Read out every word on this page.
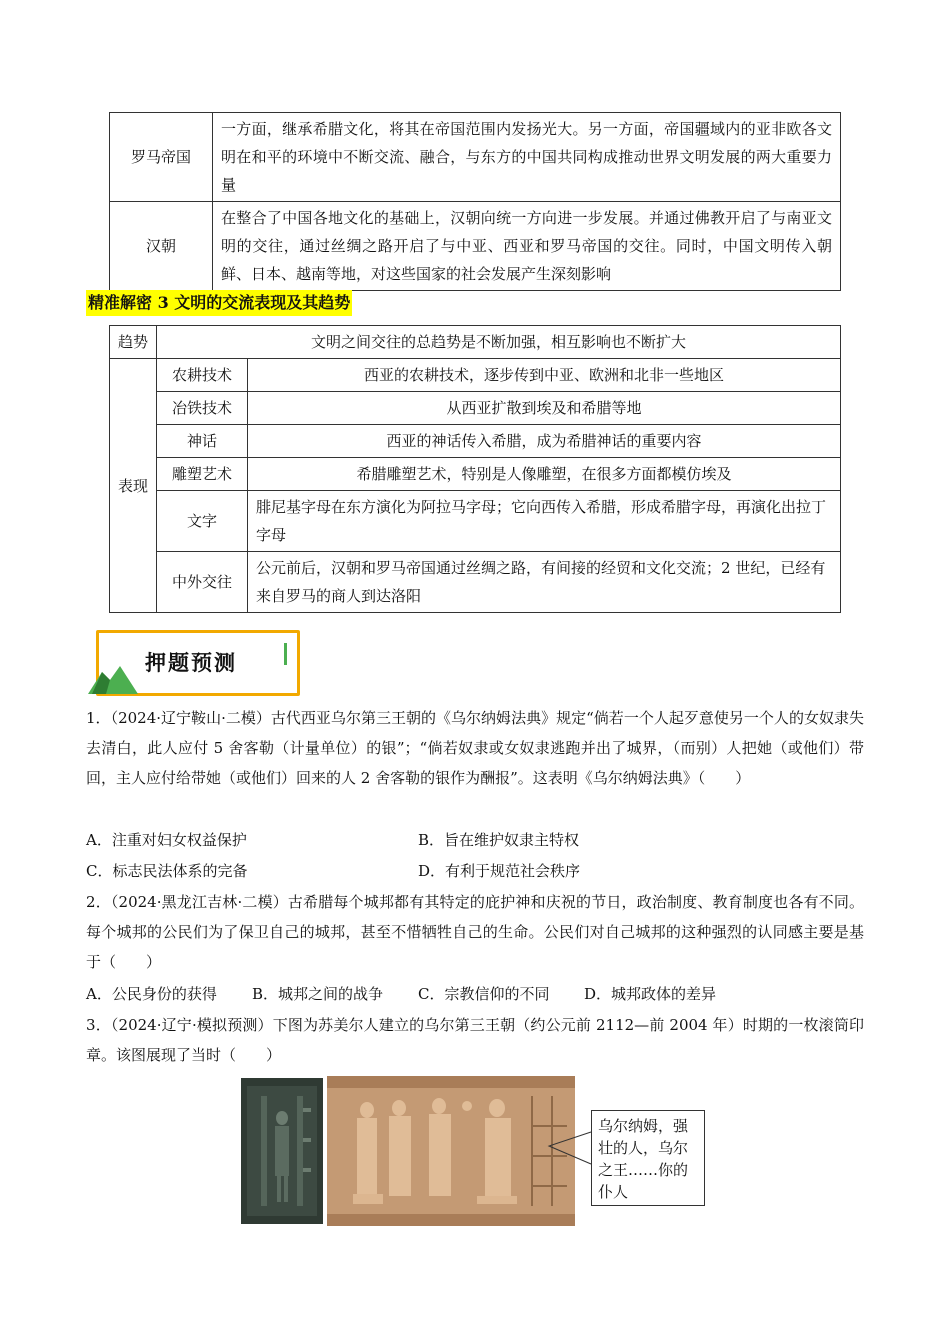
罗马帝国	一方面，继承希腊文化，将其在帝国范围内发扬光大。另一方面，帝国疆域内的亚非欧各文明在和平的环境中不断交流、融合，与东方的中国共同构成推动世界文明发展的两大重要力量
汉朝	在整合了中国各地文化的基础上，汉朝向统一方向进一步发展。并通过佛教开启了与南亚文明的交往，通过丝绸之路开启了与中亚、西亚和罗马帝国的交往。同时，中国文明传入朝鲜、日本、越南等地，对这些国家的社会发展产生深刻影响
精准解密 3 文明的交流表现及其趋势
趋势	文明之间交往的总趋势是不断加强，相互影响也不断扩大	
表现	农耕技术	西亚的农耕技术，逐步传到中亚、欧洲和北非一些地区
	冶铁技术	从西亚扩散到埃及和希腊等地
	神话	西亚的神话传入希腊，成为希腊神话的重要内容
	雕塑艺术	希腊雕塑艺术，特别是人像雕塑，在很多方面都模仿埃及
	文字	腓尼基字母在东方演化为阿拉马字母；它向西传入希腊，形成希腊字母，再演化出拉丁字母
	中外交往	公元前后，汉朝和罗马帝国通过丝绸之路，有间接的经贸和文化交流；2 世纪，已经有来自罗马的商人到达洛阳
押题预测
1．（2024·辽宁鞍山·二模）古代西亚乌尔第三王朝的《乌尔纳姆法典》规定“倘若一个人起歹意使另一个人的女奴隶失去清白，此人应付 5 舍客勒（计量单位）的银”；“倘若奴隶或女奴隶逃跑并出了城界，（而别）人把她（或他们）带回，主人应付给带她（或他们）回来的人 2 舍客勒的银作为酬报”。这表明《乌尔纳姆法典》（　　）
A．注重对妇女权益保护	B．旨在维护奴隶主特权
C．标志民法体系的完备	D．有利于规范社会秩序
2．（2024·黑龙江吉林·二模）古希腊每个城邦都有其特定的庇护神和庆祝的节日，政治制度、教育制度也各有不同。每个城邦的公民们为了保卫自己的城邦，甚至不惜牺牲自己的生命。公民们对自己城邦的这种强烈的认同感主要是基于（　　）
A．公民身份的获得 B．城邦之间的战争 C．宗教信仰的不同 D．城邦政体的差异
3．（2024·辽宁·模拟预测）下图为苏美尔人建立的乌尔第三王朝（约公元前 2112—前 2004 年）时期的一枚滚筒印章。该图展现了当时（　　）
乌尔纳姆，强壮的人，乌尔之王……你的仆人
